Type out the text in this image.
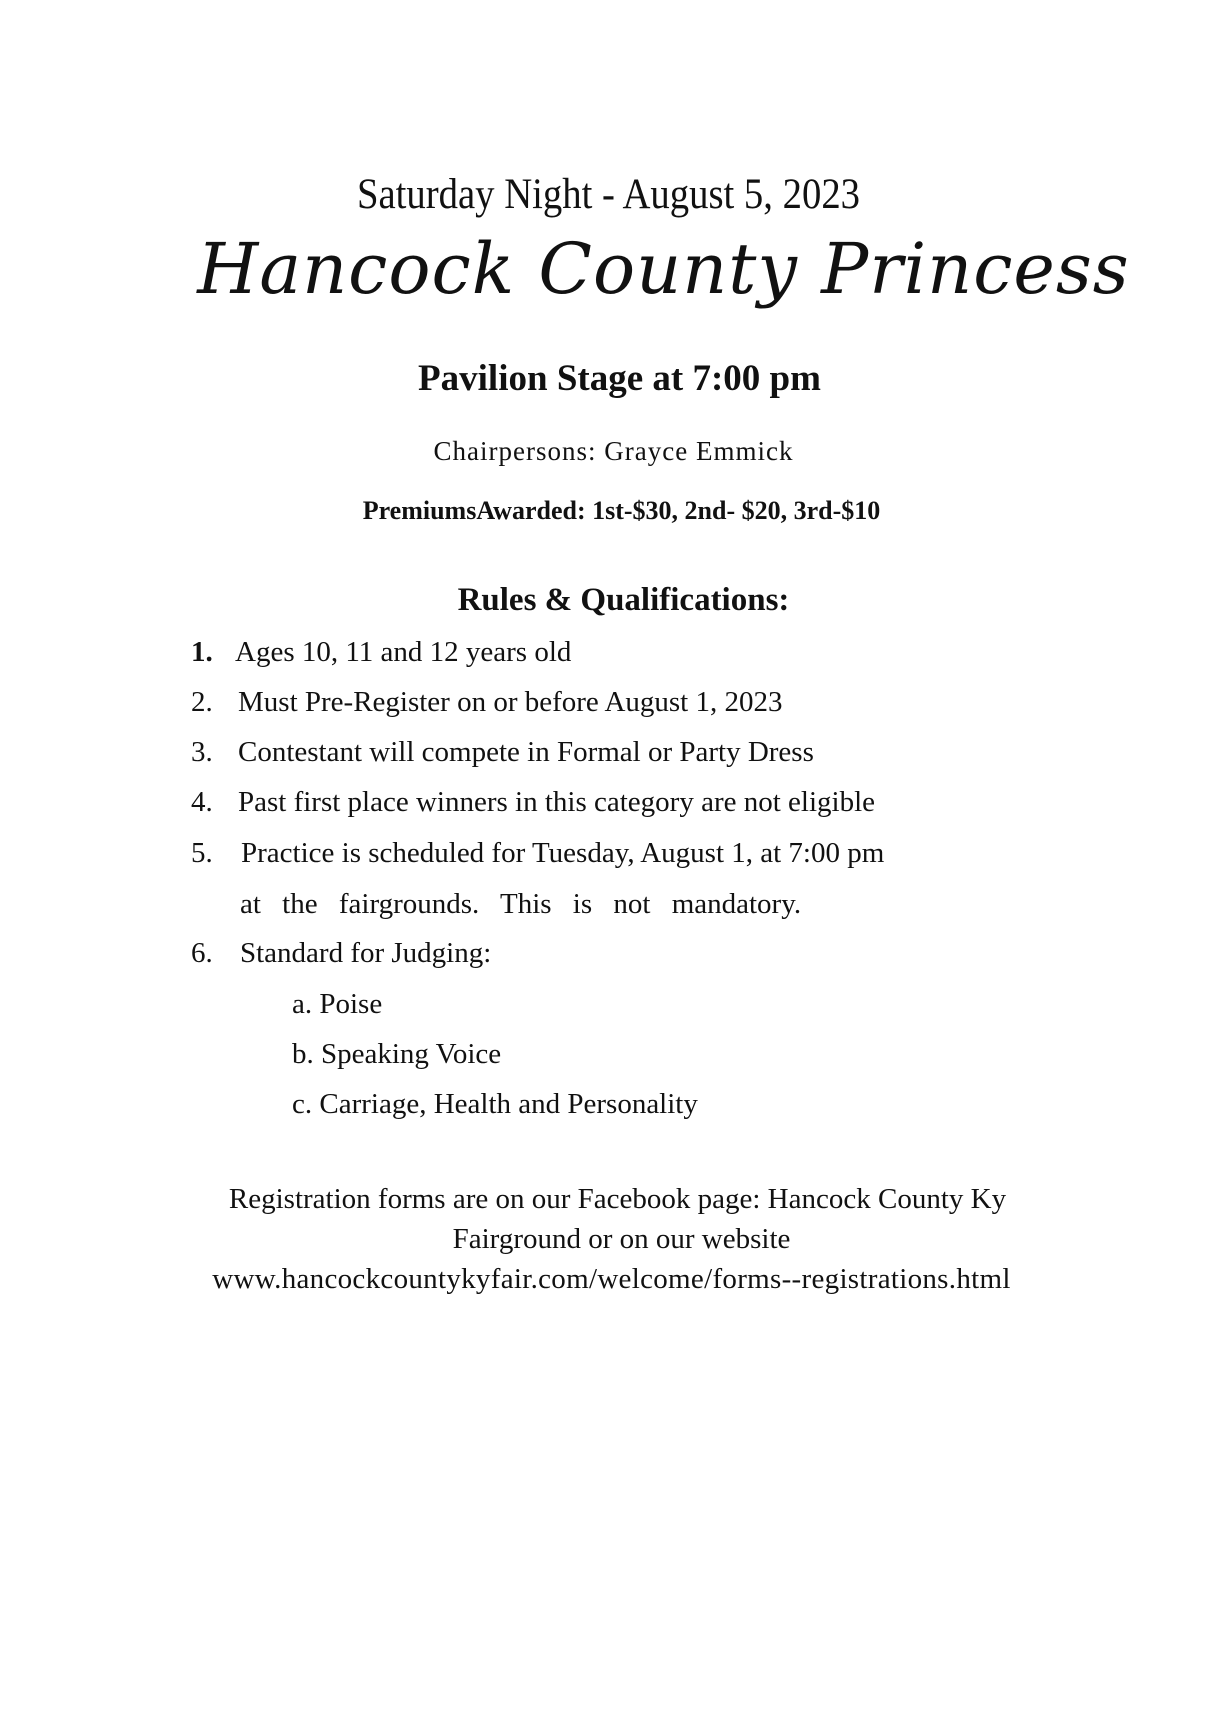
Saturday Night - August 5, 2023
Hancock County Princess
Pavilion Stage at 7:00 pm
Chairpersons: Grayce Emmick
PremiumsAwarded: 1st-$30, 2nd- $20, 3rd-$10
Rules & Qualifications:
1. Ages 10, 11 and 12 years old
2. Must Pre-Register on or before August 1, 2023
3. Contestant will compete in Formal or Party Dress
4. Past first place winners in this category are not eligible
5. Practice is scheduled for Tuesday, August 1, at 7:00 pm
at the fairgrounds. This is not mandatory.
6. Standard for Judging:
a. Poise
b. Speaking Voice
c. Carriage, Health and Personality
Registration forms are on our Facebook page: Hancock County Ky
Fairground or on our website
www.hancockcountykyfair.com/welcome/forms--registrations.html
